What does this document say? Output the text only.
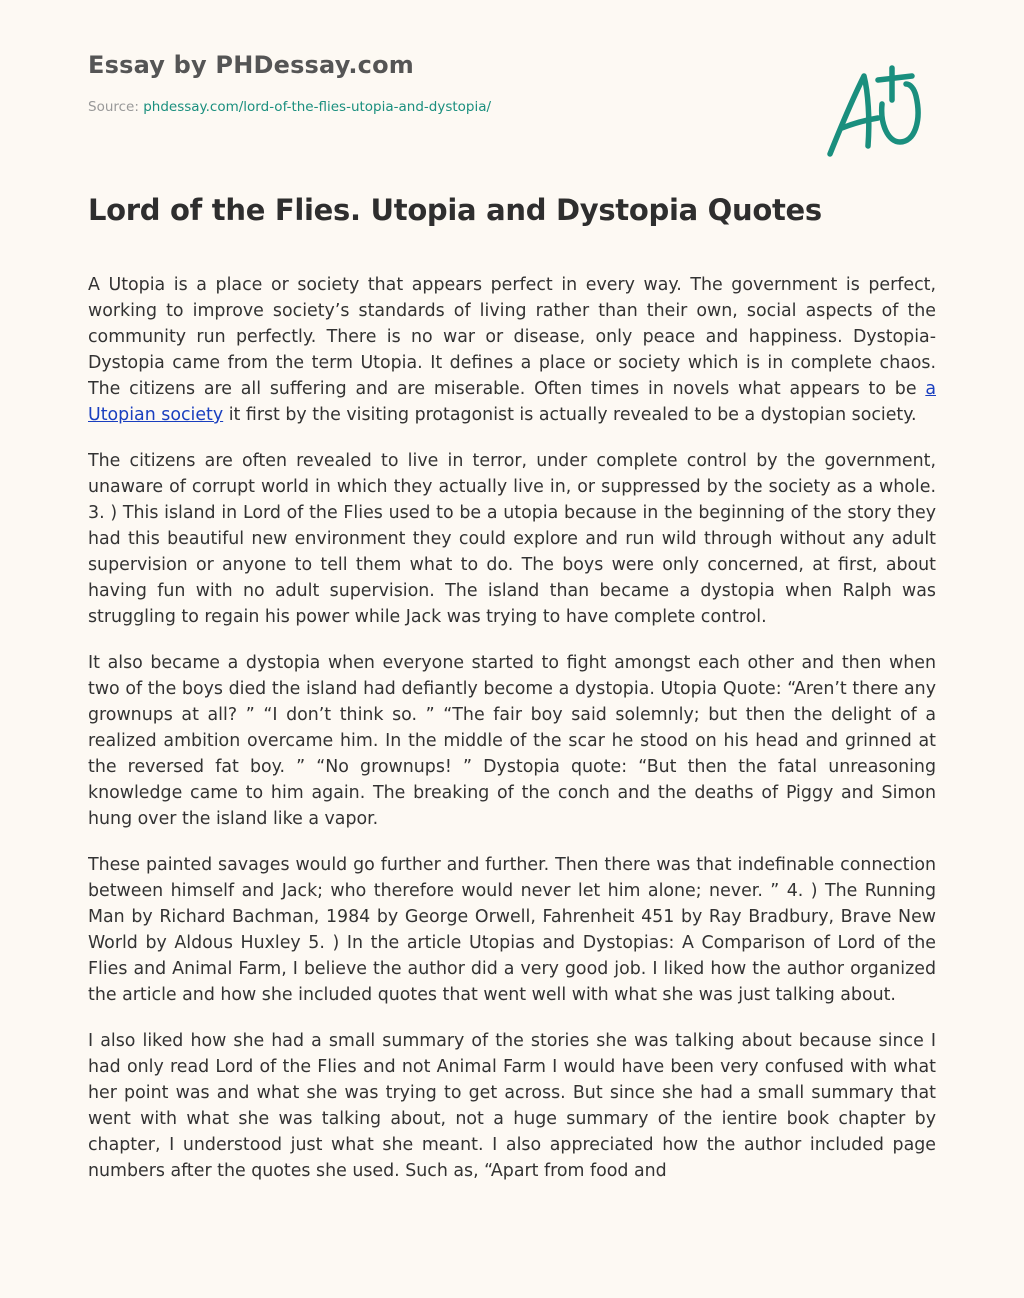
Essay by PHDessay.com
Source: phdessay.com/lord-of-the-flies-utopia-and-dystopia/
Lord of the Flies. Utopia and Dystopia Quotes

A Utopia is a place or society that appears perfect in every way. The government is perfect, working to improve society’s standards of living rather than their own, social aspects of the community run perfectly. There is no war or disease, only peace and happiness. Dystopia- Dystopia came from the term Utopia. It defines a place or society which is in complete chaos. The citizens are all suffering and are miserable. Often times in novels what appears to be a Utopian society it first by the visiting protagonist is actually revealed to be a dystopian society.

The citizens are often revealed to live in terror, under complete control by the government, unaware of corrupt world in which they actually live in, or suppressed by the society as a whole. 3. ) This island in Lord of the Flies used to be a utopia because in the beginning of the story they had this beautiful new environment they could explore and run wild through without any adult supervision or anyone to tell them what to do. The boys were only concerned, at first, about having fun with no adult supervision. The island than became a dystopia when Ralph was struggling to regain his power while Jack was trying to have complete control.

It also became a dystopia when everyone started to fight amongst each other and then when two of the boys died the island had defiantly become a dystopia. Utopia Quote: “Aren’t there any grownups at all? ” “I don’t think so. ” “The fair boy said solemnly; but then the delight of a realized ambition overcame him. In the middle of the scar he stood on his head and grinned at the reversed fat boy. ” “No grownups! ” Dystopia quote: “But then the fatal unreasoning knowledge came to him again. The breaking of the conch and the deaths of Piggy and Simon hung over the island like a vapor.

These painted savages would go further and further. Then there was that indefinable connection between himself and Jack; who therefore would never let him alone; never. ” 4. ) The Running Man by Richard Bachman, 1984 by George Orwell, Fahrenheit 451 by Ray Bradbury, Brave New World by Aldous Huxley 5. ) In the article Utopias and Dystopias: A Comparison of Lord of the Flies and Animal Farm, I believe the author did a very good job. I liked how the author organized the article and how she included quotes that went well with what she was just talking about.

I also liked how she had a small summary of the stories she was talking about because since I had only read Lord of the Flies and not Animal Farm I would have been very confused with what her point was and what she was trying to get across. But since she had a small summary that went with what she was talking about, not a huge summary of the ientire book chapter by chapter, I understood just what she meant. I also appreciated how the author included page numbers after the quotes she used. Such as, “Apart from food and
